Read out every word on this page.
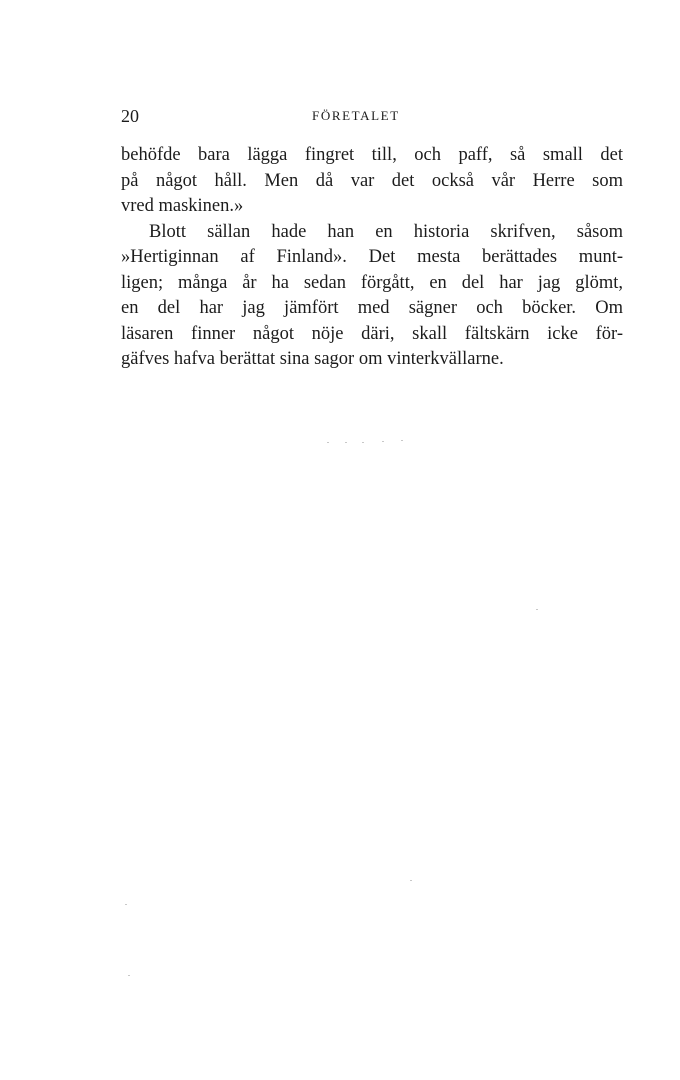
20	FÖRETALET
behöfde bara lägga fingret till, och paff, så small det
på något håll. Men då var det också vår Herre som
vred maskinen.»
Blott sällan hade han en historia skrifven, såsom
»Hertiginnan af Finland». Det mesta berättades munt-
ligen; många år ha sedan förgått, en del har jag glömt,
en del har jag jämfört med sägner och böcker. Om
läsaren finner något nöje däri, skall fältskärn icke för-
gäfves hafva berättat sina sagor om vinterkvällarne.
